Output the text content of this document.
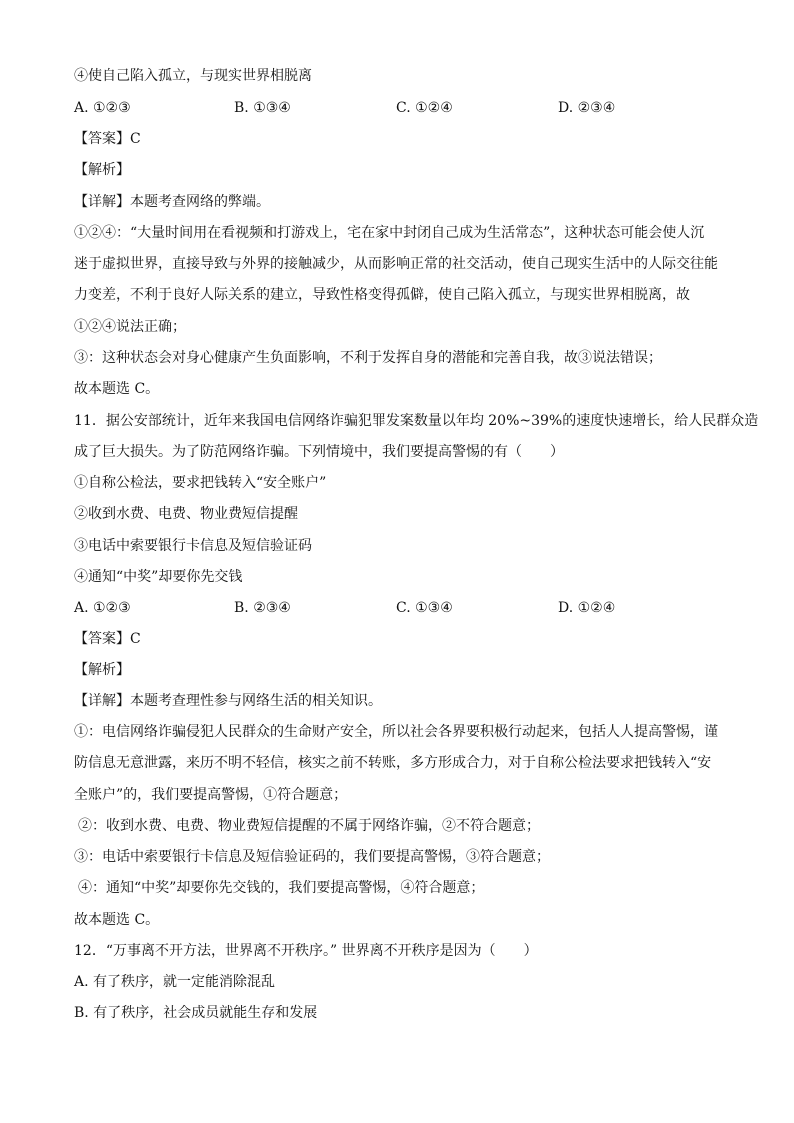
④使自己陷入孤立，与现实世界相脱离
A. ①②③	B. ①③④	C. ①②④	D. ②③④
【答案】C
【解析】
【详解】本题考查网络的弊端。
①②④：“大量时间用在看视频和打游戏上，宅在家中封闭自己成为生活常态”，这种状态可能会使人沉
迷于虚拟世界，直接导致与外界的接触减少，从而影响正常的社交活动，使自己现实生活中的人际交往能
力变差，不利于良好人际关系的建立，导致性格变得孤僻，使自己陷入孤立，与现实世界相脱离，故
①②④说法正确；
③：这种状态会对身心健康产生负面影响，不利于发挥自身的潜能和完善自我，故③说法错误；
故本题选 C。
11．据公安部统计，近年来我国电信网络诈骗犯罪发案数量以年均 20%~39%的速度快速增长，给人民群众造
成了巨大损失。为了防范网络诈骗。下列情境中，我们要提高警惕的有（　　）
①自称公检法，要求把钱转入“安全账户”
②收到水费、电费、物业费短信提醒
③电话中索要银行卡信息及短信验证码
④通知“中奖”却要你先交钱
A. ①②③	B. ②③④	C. ①③④	D. ①②④
【答案】C
【解析】
【详解】本题考查理性参与网络生活的相关知识。
①：电信网络诈骗侵犯人民群众的生命财产安全，所以社会各界要积极行动起来，包括人人提高警惕，谨
防信息无意泄露，来历不明不轻信，核实之前不转账，多方形成合力，对于自称公检法要求把钱转入“安
全账户”的，我们要提高警惕，①符合题意；
②：收到水费、电费、物业费短信提醒的不属于网络诈骗，②不符合题意；
③：电话中索要银行卡信息及短信验证码的，我们要提高警惕，③符合题意；
④：通知“中奖”却要你先交钱的，我们要提高警惕，④符合题意；
故本题选 C。
12．“万事离不开方法，世界离不开秩序。” 世界离不开秩序是因为（　　）
A. 有了秩序，就一定能消除混乱
B. 有了秩序，社会成员就能生存和发展
